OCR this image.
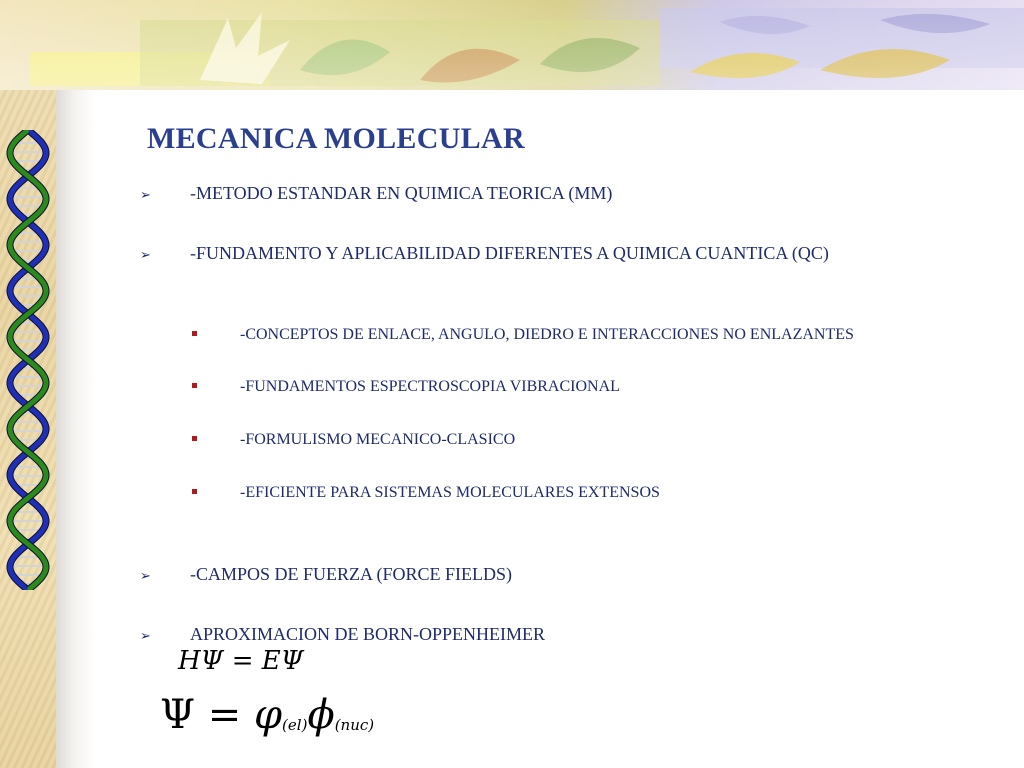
MECANICA MOLECULAR
➢	-METODO ESTANDAR EN QUIMICA TEORICA (MM)
➢	-FUNDAMENTO Y APLICABILIDAD DIFERENTES A QUIMICA CUANTICA (QC)
-CONCEPTOS DE ENLACE, ANGULO, DIEDRO E INTERACCIONES NO ENLAZANTES
-FUNDAMENTOS ESPECTROSCOPIA VIBRACIONAL
-FORMULISMO MECANICO-CLASICO
-EFICIENTE PARA SISTEMAS MOLECULARES EXTENSOS
➢	-CAMPOS DE FUERZA (FORCE FIELDS)
➢	APROXIMACION DE BORN-OPPENHEIMER
HΨ = EΨ
Ψ = φ(el)ϕ(nuc)
